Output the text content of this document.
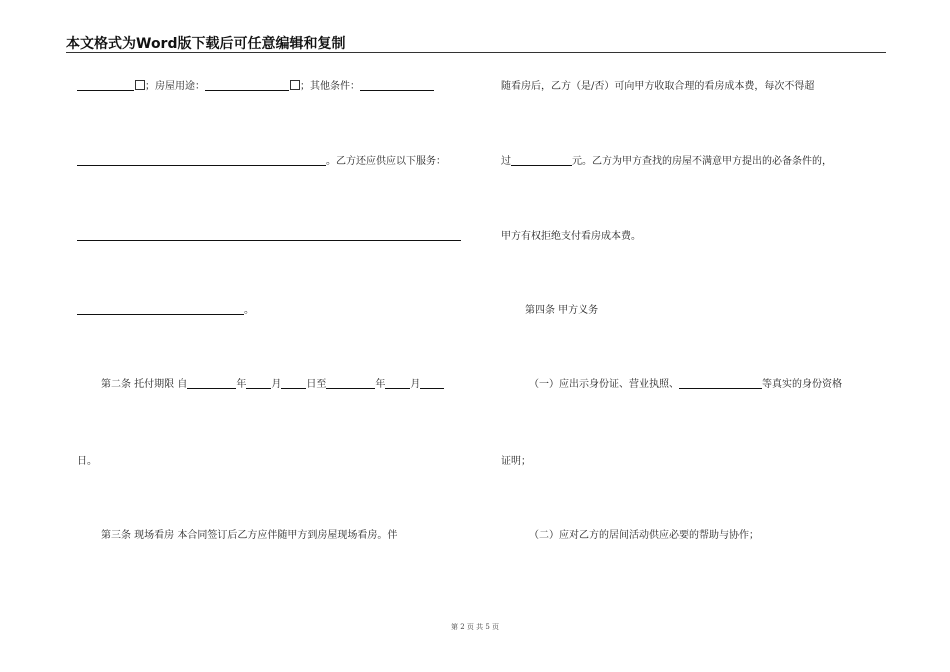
本文格式为Word版下载后可任意编辑和复制
；房屋用途：	；其他条件：
。乙方还应供应以下服务：
。
第二条 托付期限 自	年	月	日至	年	月
日。
第三条 现场看房 本合同签订后乙方应伴随甲方到房屋现场看房。伴
随看房后，乙方（是/否）可向甲方收取合理的看房成本费，每次不得超
过	元。乙方为甲方查找的房屋不满意甲方提出的必备条件的，
甲方有权拒绝支付看房成本费。
第四条 甲方义务
（一）应出示身份证、营业执照、	等真实的身份资格
证明；
（二）应对乙方的居间活动供应必要的帮助与协作；
第 2 页 共 5 页
